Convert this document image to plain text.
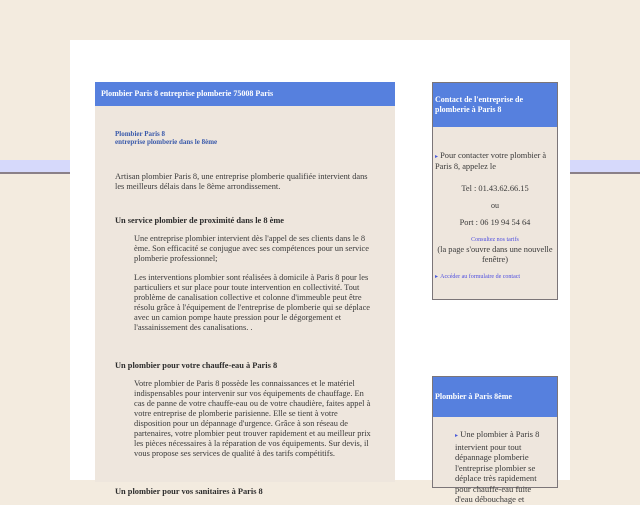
Plombier Paris 8 entreprise plomberie 75008 Paris
Plombier Paris 8
entreprise plomberie dans le 8ème
Artisan plombier Paris 8, une entreprise plomberie qualifiée intervient dans les meilleurs délais dans le 8ème arrondissement.
Un service plombier de proximité dans le 8 ème
Une entreprise plombier intervient dès l'appel de ses clients dans le 8 ème. Son efficacité se conjugue avec ses compétences pour un service plomberie professionnel;
Les interventions plombier sont réalisées à domicile à Paris 8 pour les particuliers et sur place pour toute intervention en collectivité. Tout problème de canalisation collective et colonne d'immeuble peut être résolu grâce à l'équipement de l'entreprise de plomberie qui se déplace avec un camion pompe haute pression pour le dégorgement et l'assainissement des canalisations. .
Un plombier pour votre chauffe-eau à Paris 8
Votre plombier de Paris 8 possède les connaissances et le matériel indispensables pour intervenir sur vos équipements de chauffage. En cas de panne de votre chauffe-eau ou de votre chaudière, faites appel à votre entreprise de plomberie parisienne. Elle se tient à votre disposition pour un dépannage d'urgence. Grâce à son réseau de partenaires, votre plombier peut trouver rapidement et au meilleur prix les pièces nécessaires à la réparation de vos équipements. Sur devis, il vous propose ses services de qualité à des tarifs compétitifs.
Un plombier pour vos sanitaires à Paris 8
Contact de l'entreprise de plomberie à Paris 8
▸ Pour contacter votre plombier à Paris 8, appelez le
Tel : 01.43.62.66.15
ou
Port : 06 19 94 54 64
Consultez nos tarifs
(la page s'ouvre dans une nouvelle fenêtre)
▸ Accéder au formulaire de contact
Plombier à Paris 8ème
▸ Une plombier à Paris 8 intervient pour tout dépannage plomberie l'entreprise plombier se déplace très rapidement pour chauffe-eau fuite d'eau débouchage et
